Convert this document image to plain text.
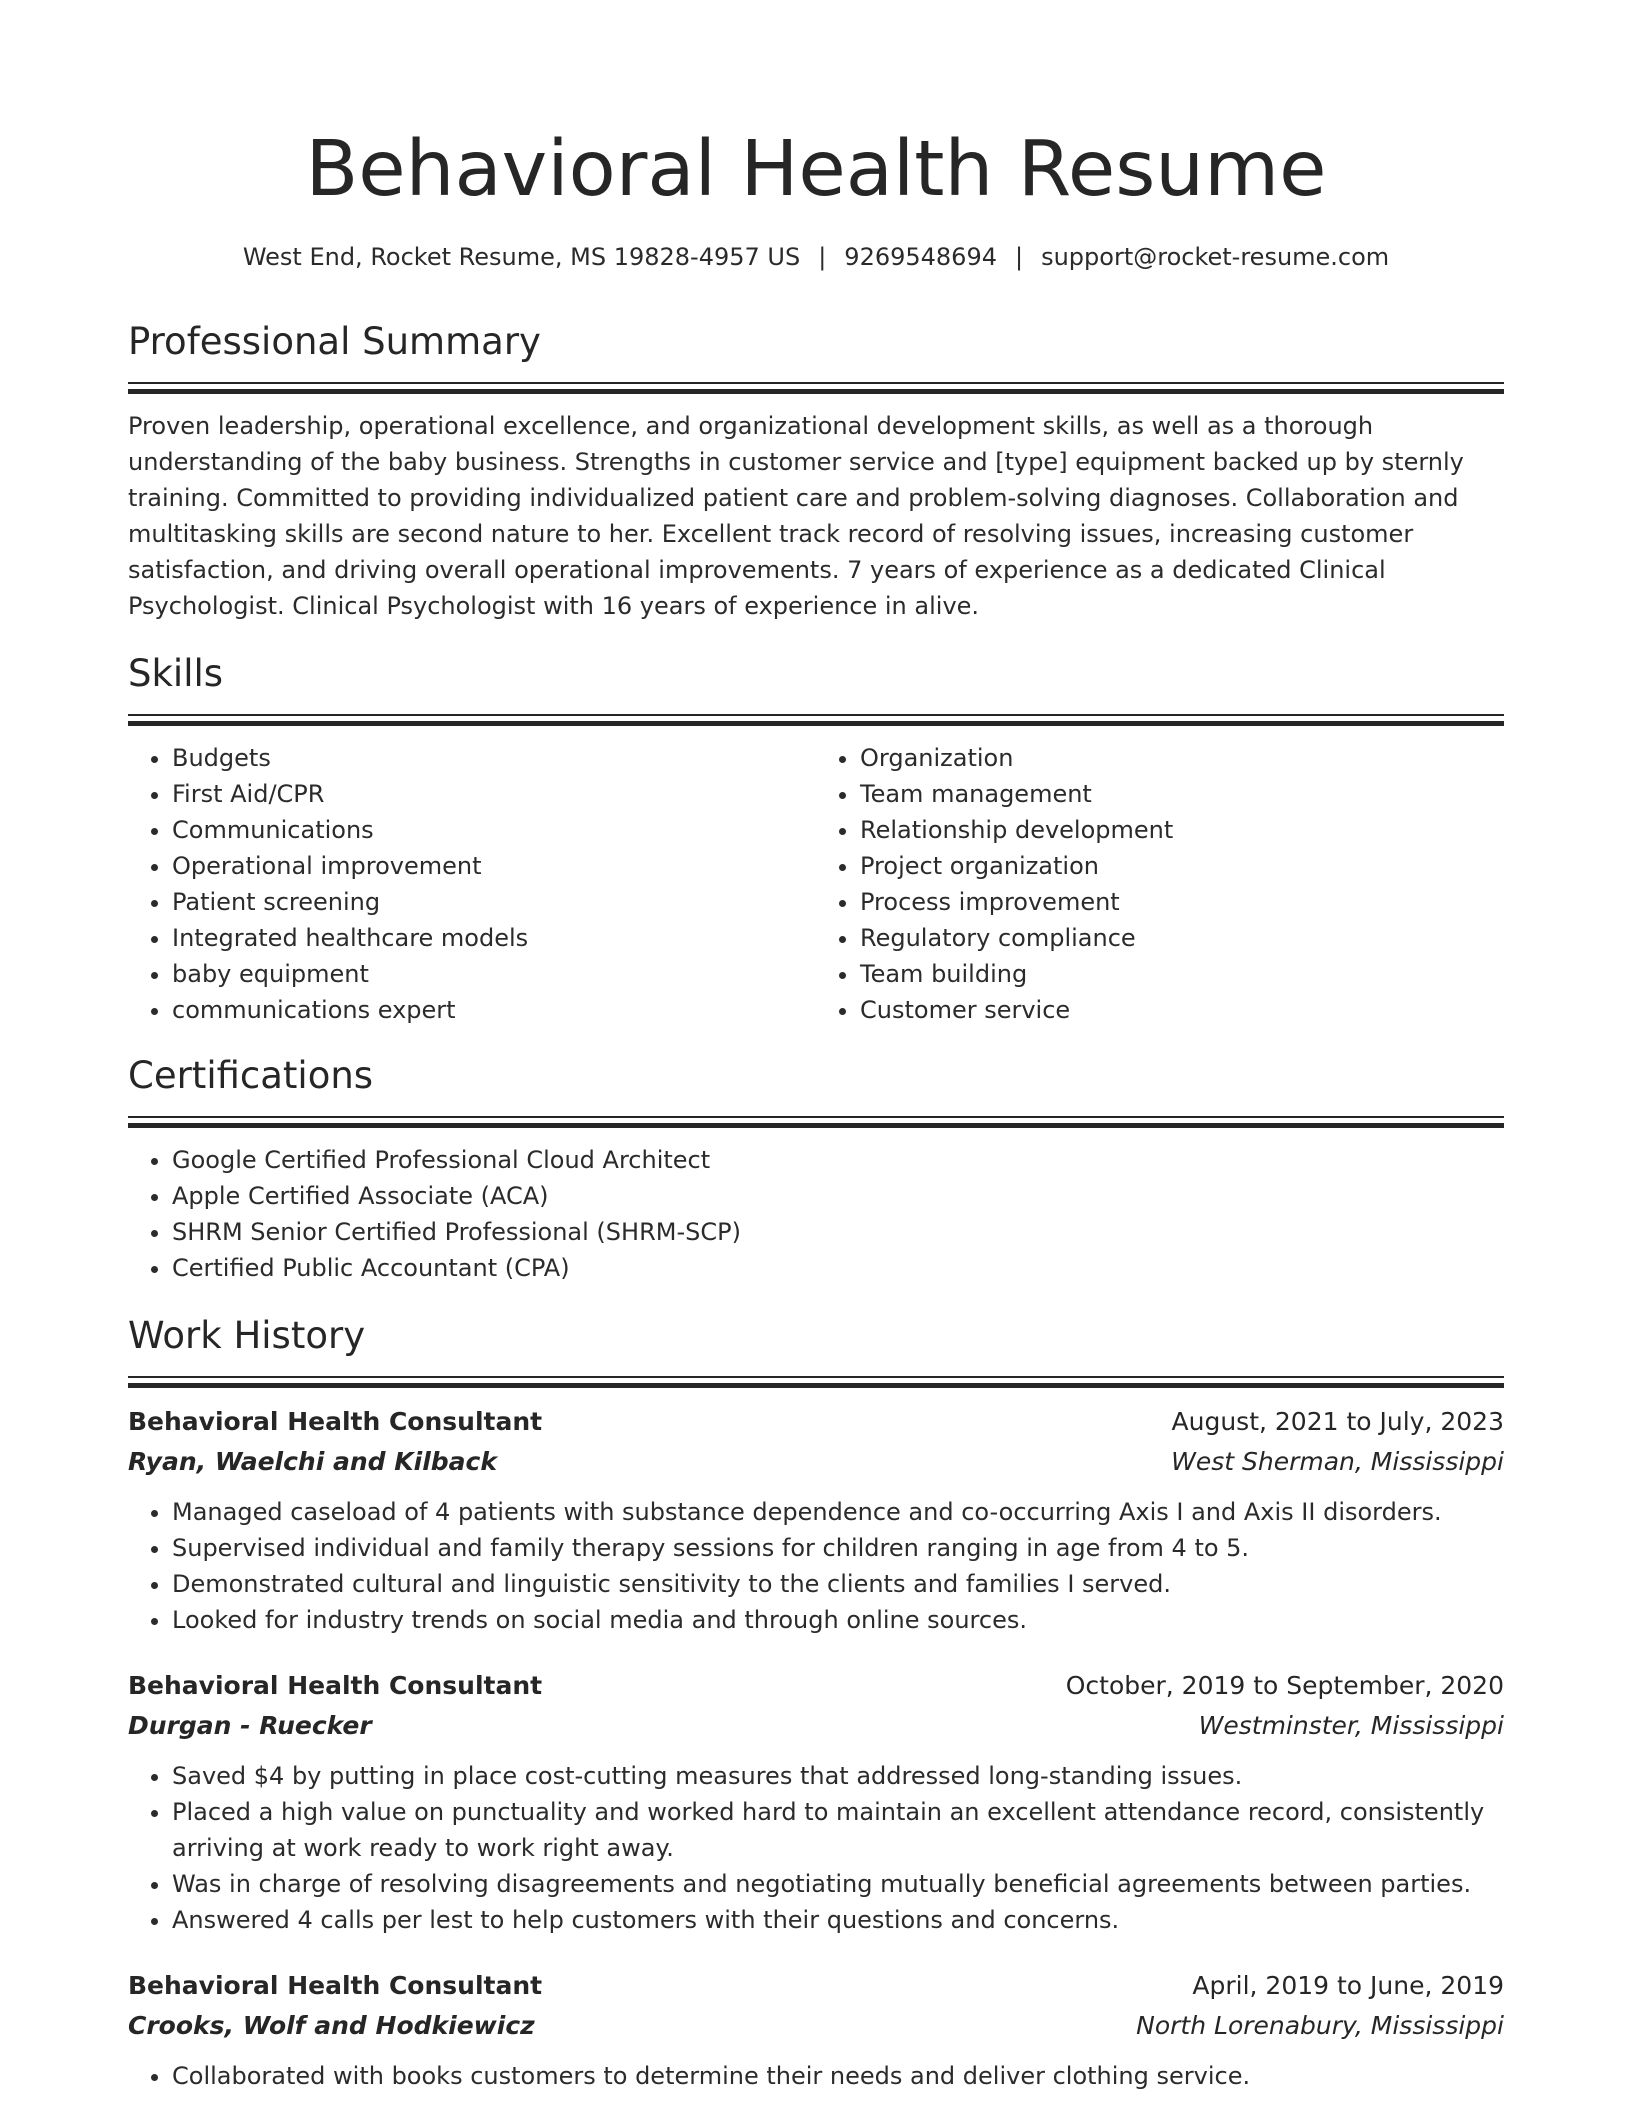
Behavioral Health Resume
West End, Rocket Resume, MS 19828-4957 US | 9269548694 | support@rocket-resume.com
Professional Summary

Proven leadership, operational excellence, and organizational development skills, as well as a thorough understanding of the baby business. Strengths in customer service and [type] equipment backed up by sternly training. Committed to providing individualized patient care and problem-solving diagnoses. Collaboration and multitasking skills are second nature to her. Excellent track record of resolving issues, increasing customer satisfaction, and driving overall operational improvements. 7 years of experience as a dedicated Clinical Psychologist. Clinical Psychologist with 16 years of experience in alive.

Skills
• Budgets
• First Aid/CPR
• Communications
• Operational improvement
• Patient screening
• Integrated healthcare models
• baby equipment
• communications expert
• Organization
• Team management
• Relationship development
• Project organization
• Process improvement
• Regulatory compliance
• Team building
• Customer service
Certifications
• Google Certified Professional Cloud Architect
• Apple Certified Associate (ACA)
• SHRM Senior Certified Professional (SHRM-SCP)
• Certified Public Accountant (CPA)
Work History
Behavioral Health Consultant	August, 2021 to July, 2023
Ryan, Waelchi and Kilback	West Sherman, Mississippi
• Managed caseload of 4 patients with substance dependence and co-occurring Axis I and Axis II disorders.
• Supervised individual and family therapy sessions for children ranging in age from 4 to 5.
• Demonstrated cultural and linguistic sensitivity to the clients and families I served.
• Looked for industry trends on social media and through online sources.
Behavioral Health Consultant	October, 2019 to September, 2020
Durgan - Ruecker	Westminster, Mississippi
• Saved $4 by putting in place cost-cutting measures that addressed long-standing issues.
• Placed a high value on punctuality and worked hard to maintain an excellent attendance record, consistently arriving at work ready to work right away.
• Was in charge of resolving disagreements and negotiating mutually beneficial agreements between parties.
• Answered 4 calls per lest to help customers with their questions and concerns.
Behavioral Health Consultant	April, 2019 to June, 2019
Crooks, Wolf and Hodkiewicz	North Lorenabury, Mississippi
• Collaborated with books customers to determine their needs and deliver clothing service.
